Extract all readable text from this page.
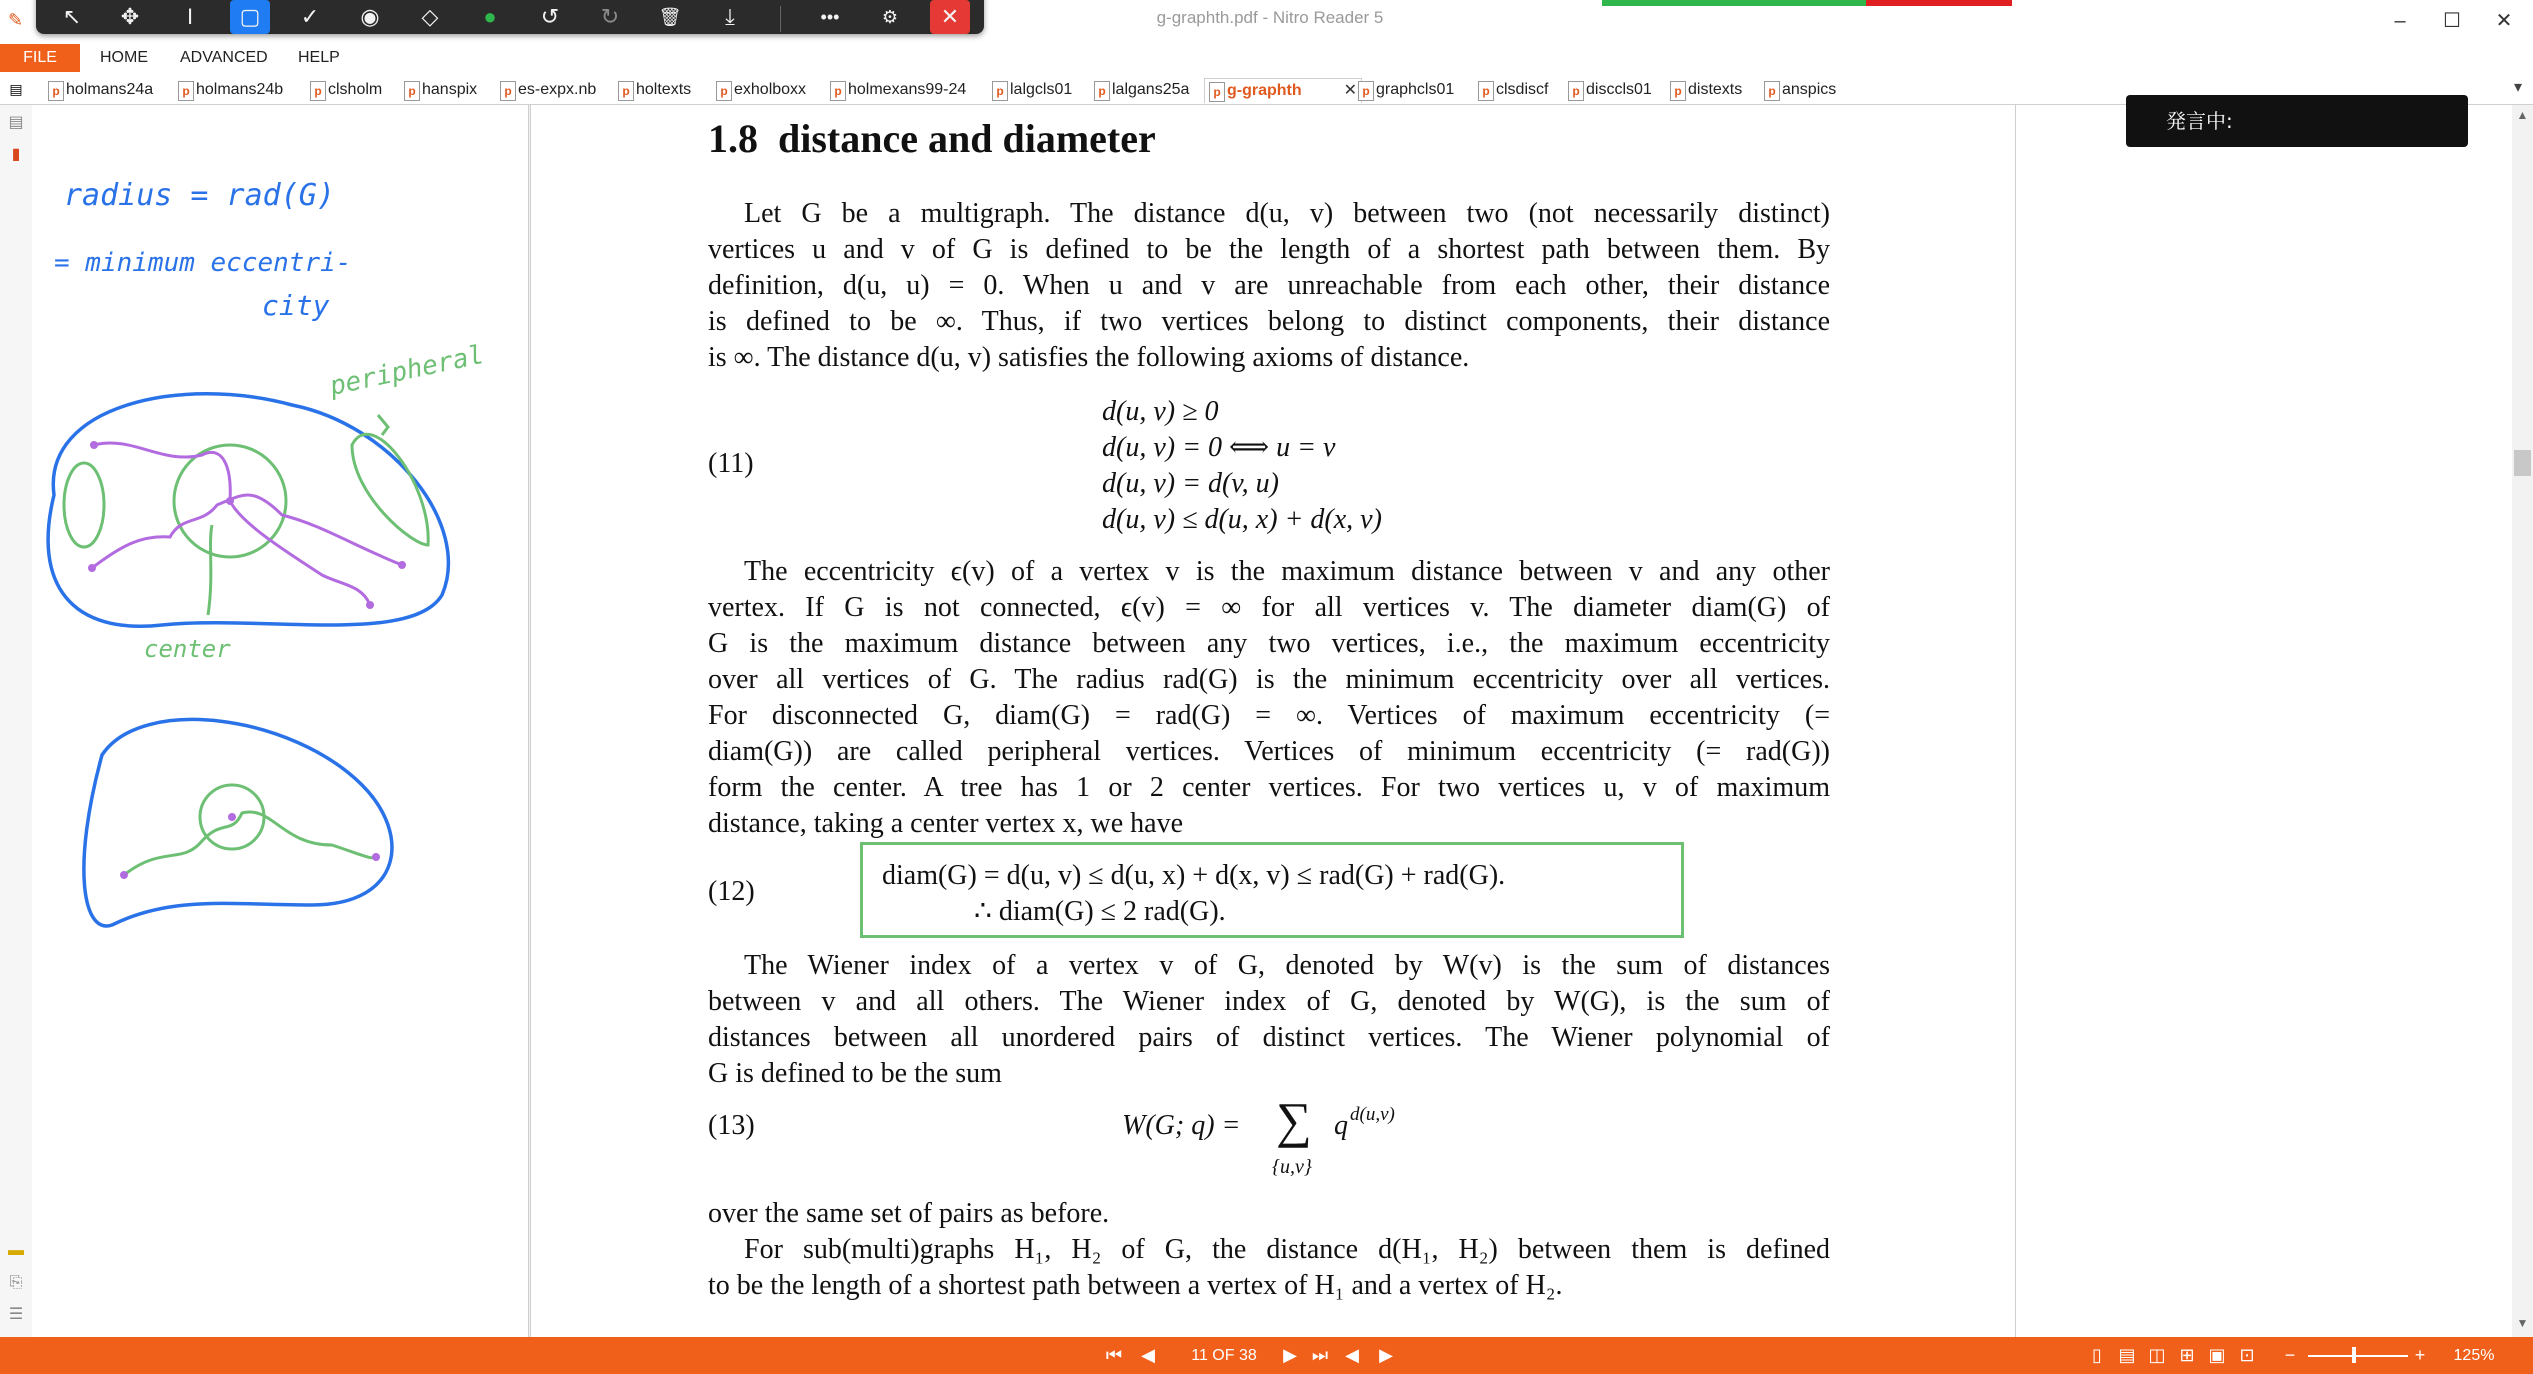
✎	g-graphth.pdf - Nitro Reader 5	–	☐	✕
↖	✥	I	▢	✓	◉	◇	●	↺	↻	🗑	⤓	•••	⚙	✕
FILE	HOME ADVANCED HELP
▤	p holmans24a	p holmans24b	p clsholm	p hanspix	p es-expx.nb	p holtexts	p exholboxx	p holmexans99-24	p lalgcls01	p lalgans25a	p g-graphth	✕ p graphcls01	p clsdiscf	p disccls01	p distexts	p anspics	▾
▤
▮
▬
⎘
☰
radius = rad(G)
= minimum eccentri-
city
peripheral
center
1.8 distance and diameter
Let G be a multigraph. The distance d(u, v) between two (not necessarily distinct)
vertices u and v of G is defined to be the length of a shortest path between them. By
definition, d(u, u) = 0. When u and v are unreachable from each other, their distance
is defined to be ∞. Thus, if two vertices belong to distinct components, their distance
is ∞. The distance d(u, v) satisfies the following axioms of distance.
(11)
d(u, v) ≥ 0
d(u, v) = 0 ⟺ u = v
d(u, v) = d(v, u)
d(u, v) ≤ d(u, x) + d(x, v)
The eccentricity ϵ(v) of a vertex v is the maximum distance between v and any other
vertex. If G is not connected, ϵ(v) = ∞ for all vertices v. The diameter diam(G) of
G is the maximum distance between any two vertices, i.e., the maximum eccentricity
over all vertices of G. The radius rad(G) is the minimum eccentricity over all vertices.
For disconnected G, diam(G) = rad(G) = ∞. Vertices of maximum eccentricity (=
diam(G)) are called peripheral vertices. Vertices of minimum eccentricity (= rad(G))
form the center. A tree has 1 or 2 center vertices. For two vertices u, v of maximum
distance, taking a center vertex x, we have
(12)
diam(G) = d(u, v) ≤ d(u, x) + d(x, v) ≤ rad(G) + rad(G).
∴ diam(G) ≤ 2 rad(G).
The Wiener index of a vertex v of G, denoted by W(v) is the sum of distances
between v and all others. The Wiener index of G, denoted by W(G), is the sum of
distances between all unordered pairs of distinct vertices. The Wiener polynomial of
G is defined to be the sum
(13)	W(G; q) = ∑
{u,v}
q d(u,v)
over the same set of pairs as before.
For sub(multi)graphs H₁, H₂ of G, the distance d(H₁, H₂) between them is defined
to be the length of a shortest path between a vertex of H₁ and a vertex of H₂.
発言中:	▲
▼
⏮	◀	11 OF 38	▶ ⏭ ◀	▶	▯ ▤ ◫ ⊞ ▣ ⊡	−	+	125%
